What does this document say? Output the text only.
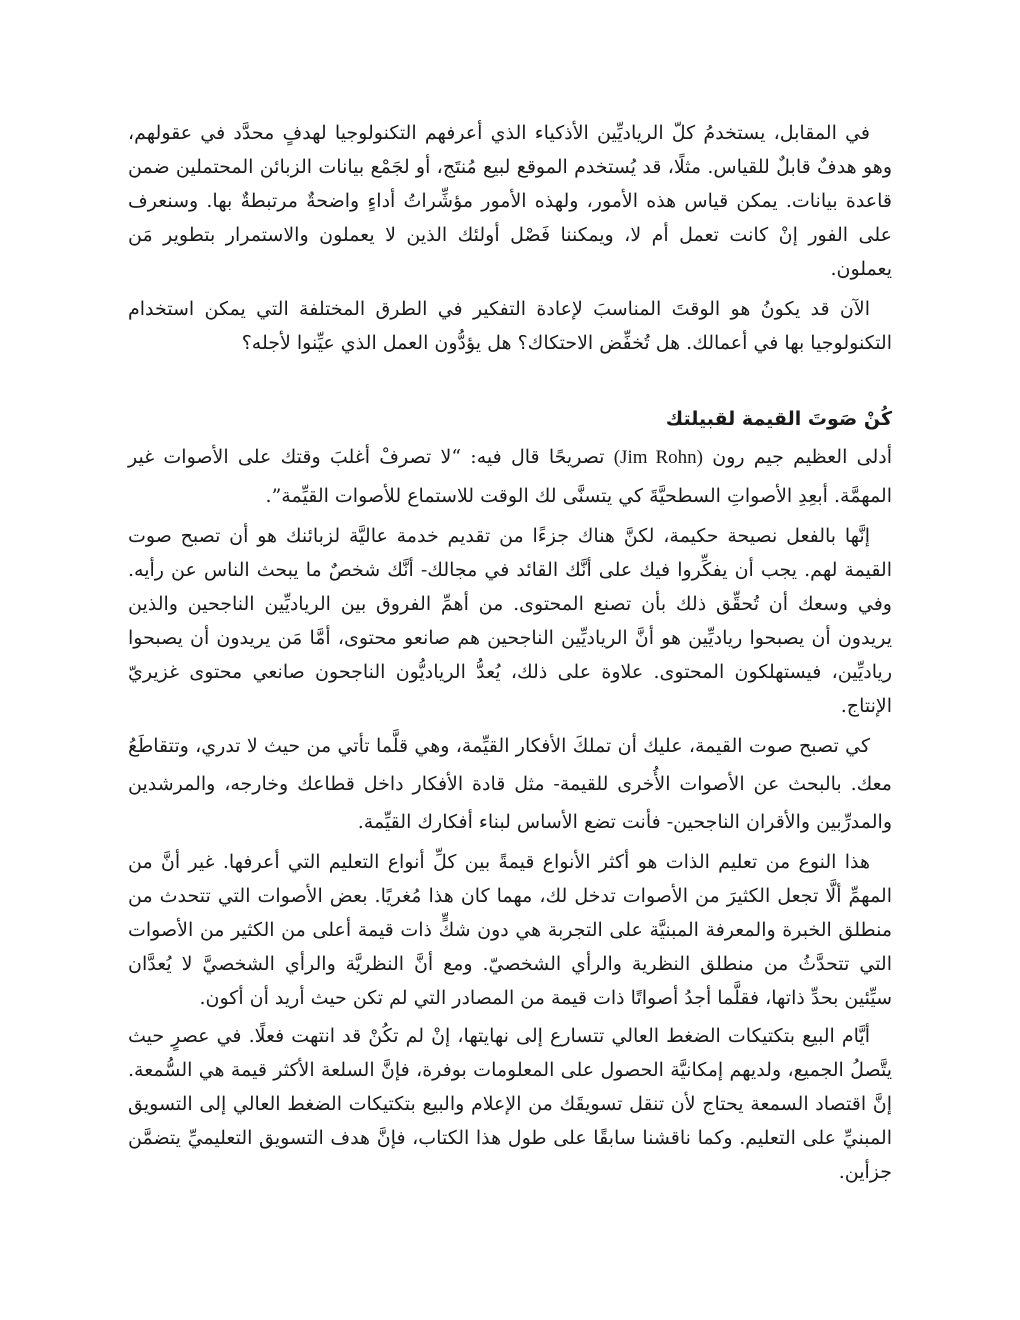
في المقابل، يستخدمُ كلّ الرياديِّين الأذكياء الذي أعرفهم التكنولوجيا لهدفٍ محدَّد في عقولهم، وهو هدفٌ قابلٌ للقياس. مثلًا، قد يُستخدم الموقع لبيع مُنتَج، أو لجَمْع بيانات الزبائن المحتملين ضمن قاعدة بيانات. يمكن قياس هذه الأمور، ولهذه الأمور مؤشِّراتُ أداءٍ واضحةٌ مرتبطةٌ بها. وسنعرف على الفور إنْ كانت تعمل أم لا، ويمكننا فَصْل أولئك الذين لا يعملون والاستمرار بتطوير مَن يعملون.

الآن قد يكونُ هو الوقتَ المناسبَ لإعادة التفكير في الطرق المختلفة التي يمكن استخدام التكنولوجيا بها في أعمالك. هل تُخفِّض الاحتكاك؟ هل يؤدُّون العمل الذي عيِّنوا لأجله؟

كُنْ صَوتَ القيمة لقبيلتك

أدلى العظيم جيم رون (Jim Rohn) تصريحًا قال فيه: “لا تصرفْ أغلبَ وقتك على الأصوات غير المهمَّة. أبعِدِ الأصواتِ السطحيَّةَ كي يتسنَّى لك الوقت للاستماع للأصوات القيِّمة”.

إنَّها بالفعل نصيحة حكيمة، لكنَّ هناك جزءًا من تقديم خدمة عاليَّة لزبائنك هو أن تصبح صوت القيمة لهم. يجب أن يفكِّروا فيك على أنَّك القائد في مجالك- أنَّك شخصٌ ما يبحث الناس عن رأيه. وفي وسعك أن تُحقِّق ذلك بأن تصنع المحتوى. من أهمِّ الفروق بين الرياديِّين الناجحين والذين يريدون أن يصبحوا رياديِّين هو أنَّ الرياديِّين الناجحين هم صانعو محتوى، أمَّا مَن يريدون أن يصبحوا رياديِّين، فيستهلكون المحتوى. علاوة على ذلك، يُعدُّ الرياديُّون الناجحون صانعي محتوى غزيريّ الإنتاج.

كي تصبح صوت القيمة، عليك أن تملكَ الأفكار القيِّمة، وهي قلَّما تأتي من حيث لا تدري، وتتقاطَعُ معك. بالبحث عن الأصوات الأُخرى للقيمة- مثل قادة الأفكار داخل قطاعك وخارجه، والمرشدين والمدرِّبين والأقران الناجحين- فأنت تضع الأساس لبناء أفكارك القيِّمة.

هذا النوع من تعليم الذات هو أكثر الأنواع قيمةً بين كلِّ أنواع التعليم التي أعرفها. غير أنَّ من المهمِّ ألَّا تجعل الكثيرَ من الأصوات تدخل لك، مهما كان هذا مُغريًا. بعض الأصوات التي تتحدث من منطلق الخبرة والمعرفة المبنيَّة على التجربة هي دون شكٍّ ذات قيمة أعلى من الكثير من الأصوات التي تتحدَّثُ من منطلق النظرية والرأي الشخصيّ. ومع أنَّ النظريَّة والرأي الشخصيَّ لا يُعدَّان سيِّئين بحدِّ ذاتها، فقلَّما أجدُ أصواتًا ذات قيمة من المصادر التي لم تكن حيث أريد أن أكون.

أيَّام البيع بتكتيكات الضغط العالي تتسارع إلى نهايتها، إنْ لم تكُنْ قد انتهت فعلًا. في عصرٍ حيث يتَّصلُ الجميع، ولديهم إمكانيَّة الحصول على المعلومات بوفرة، فإنَّ السلعة الأكثر قيمة هي السُّمعة. إنَّ اقتصاد السمعة يحتاج لأن تنقل تسويقَك من الإعلام والبيع بتكتيكات الضغط العالي إلى التسويق المبنيِّ على التعليم. وكما ناقشنا سابقًا على طول هذا الكتاب، فإنَّ هدف التسويق التعليميِّ يتضمَّن جزأين.
